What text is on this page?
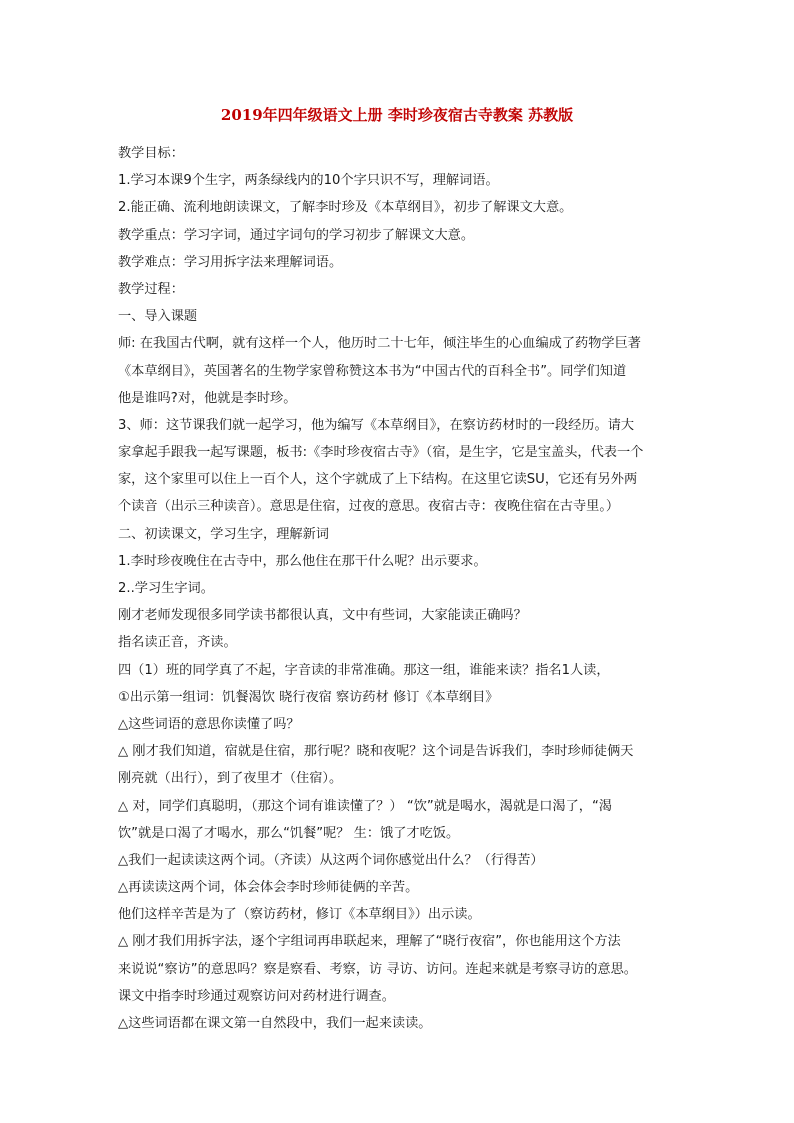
2019年四年级语文上册 李时珍夜宿古寺教案 苏教版
教学目标：
1.学习本课9个生字，两条绿线内的10个字只识不写，理解词语。
2.能正确、流利地朗读课文，了解李时珍及《本草纲目》，初步了解课文大意。
教学重点：学习字词，通过字词句的学习初步了解课文大意。
教学难点：学习用拆字法来理解词语。
教学过程：
一、导入课题
师: 在我国古代啊，就有这样一个人，他历时二十七年，倾注毕生的心血编成了药物学巨著
《本草纲目》，英国著名的生物学家曾称赞这本书为“中国古代的百科全书”。同学们知道
他是谁吗?对，他就是李时珍。
3、师：这节课我们就一起学习，他为编写《本草纲目》，在察访药材时的一段经历。请大
家拿起手跟我一起写课题，板书:《李时珍夜宿古寺》（宿，是生字，它是宝盖头，代表一个
家，这个家里可以住上一百个人，这个字就成了上下结构。在这里它读SU，它还有另外两
个读音（出示三种读音）。意思是住宿，过夜的意思。夜宿古寺：夜晚住宿在古寺里。）
二、初读课文，学习生字，理解新词
1.李时珍夜晚住在古寺中，那么他住在那干什么呢？出示要求。
2..学习生字词。
刚才老师发现很多同学读书都很认真，文中有些词，大家能读正确吗？
指名读正音，齐读。
四（1）班的同学真了不起，字音读的非常准确。那这一组，谁能来读？指名1人读，
①出示第一组词：饥餐渴饮 晓行夜宿 察访药材 修订《本草纲目》
△这些词语的意思你读懂了吗？
△ 刚才我们知道，宿就是住宿，那行呢？晓和夜呢？这个词是告诉我们，李时珍师徒俩天
刚亮就（出行），到了夜里才（住宿）。
△ 对，同学们真聪明，（那这个词有谁读懂了？） “饮”就是喝水，渴就是口渴了，“渴
饮”就是口渴了才喝水，那么“饥餐”呢？ 生：饿了才吃饭。
△我们一起读读这两个词。（齐读）从这两个词你感觉出什么？（行得苦）
△再读读这两个词，体会体会李时珍师徒俩的辛苦。
他们这样辛苦是为了（察访药材，修订《本草纲目》）出示读。
△ 刚才我们用拆字法，逐个字组词再串联起来，理解了“晓行夜宿”，你也能用这个方法
来说说“察访”的意思吗？察是察看、考察，访 寻访、访问。连起来就是考察寻访的意思。
课文中指李时珍通过观察访问对药材进行调查。
△这些词语都在课文第一自然段中，我们一起来读读。
